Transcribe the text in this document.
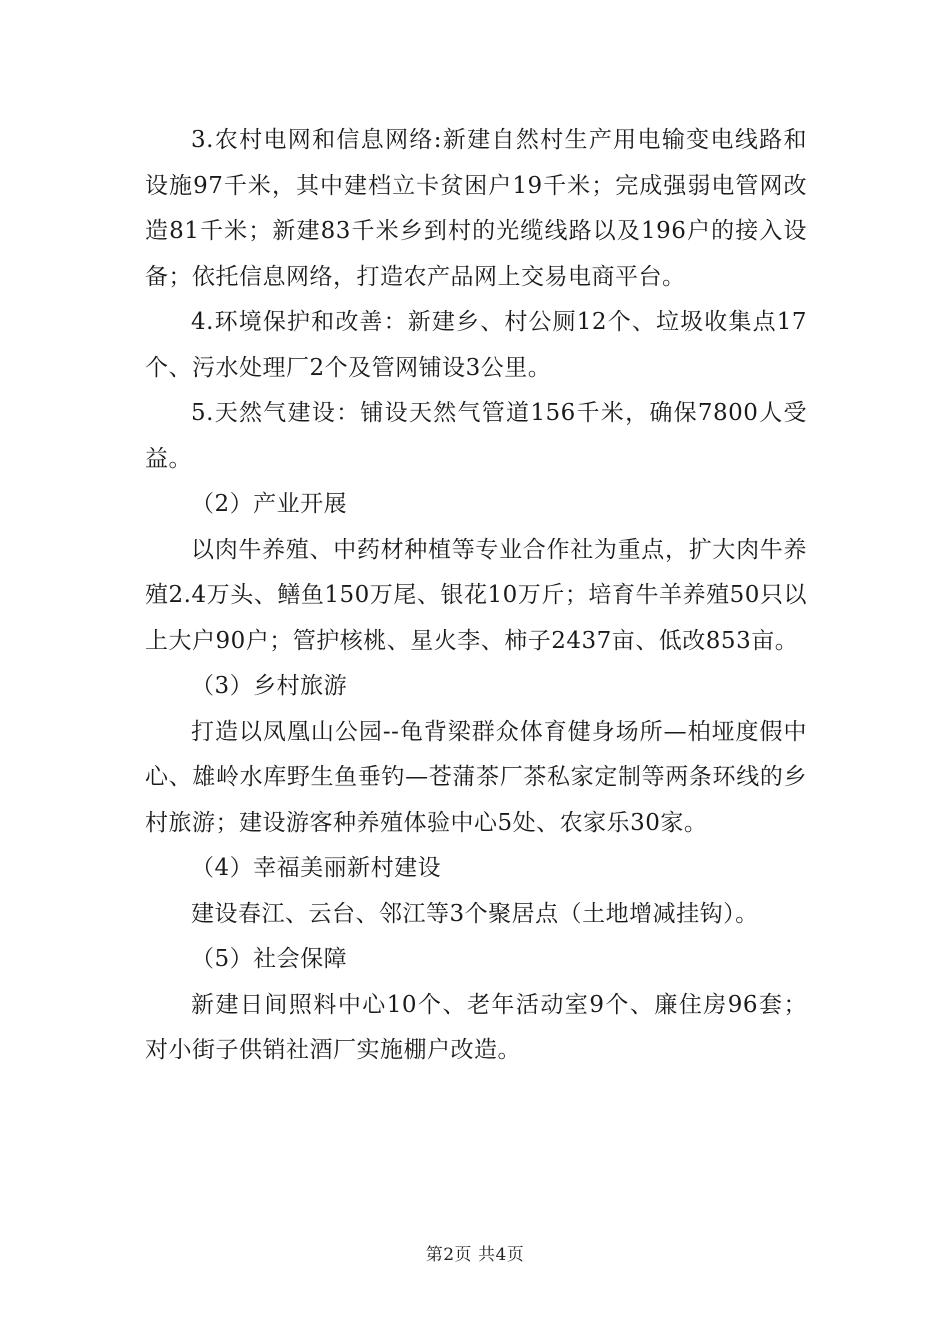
3.农村电网和信息网络:新建自然村生产用电输变电线路和设施97千米，其中建档立卡贫困户19千米；完成强弱电管网改造81千米；新建83千米乡到村的光缆线路以及196户的接入设备；依托信息网络，打造农产品网上交易电商平台。

4.环境保护和改善：新建乡、村公厕12个、垃圾收集点17个、污水处理厂2个及管网铺设3公里。

5.天然气建设：铺设天然气管道156千米，确保7800人受益。

（2）产业开展

以肉牛养殖、中药材种植等专业合作社为重点，扩大肉牛养殖2.4万头、鳝鱼150万尾、银花10万斤；培育牛羊养殖50只以上大户90户；管护核桃、星火李、柿子2437亩、低改853亩。

（3）乡村旅游

打造以凤凰山公园--龟背梁群众体育健身场所—柏垭度假中心、雄岭水库野生鱼垂钓—苍蒲茶厂茶私家定制等两条环线的乡村旅游；建设游客种养殖体验中心5处、农家乐30家。

（4）幸福美丽新村建设

建设春江、云台、邻江等3个聚居点（土地增减挂钩）。

（5）社会保障

新建日间照料中心10个、老年活动室9个、廉住房96套；对小街子供销社酒厂实施棚户改造。

第2页 共4页
